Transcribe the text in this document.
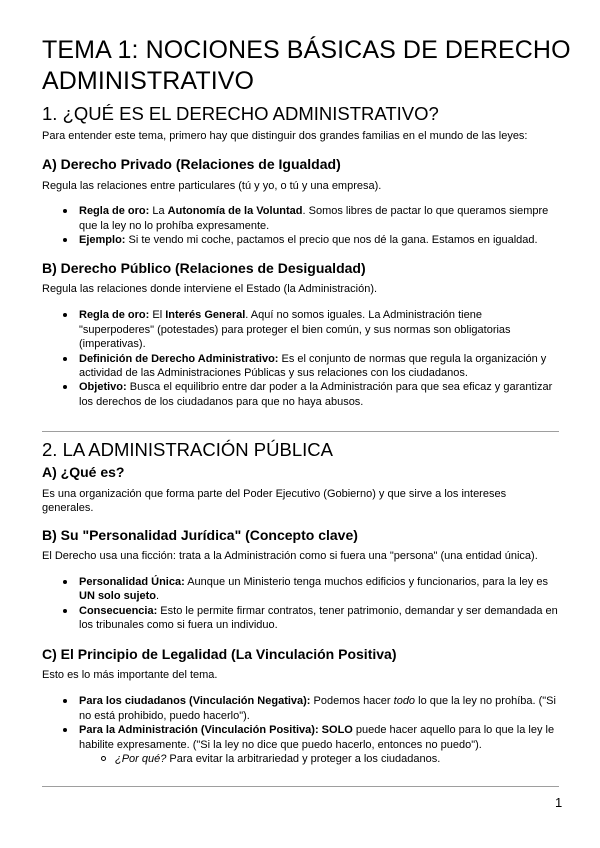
TEMA 1: NOCIONES BÁSICAS DE DERECHO
ADMINISTRATIVO
1. ¿QUÉ ES EL DERECHO ADMINISTRATIVO?
Para entender este tema, primero hay que distinguir dos grandes familias en el mundo de las leyes:
A) Derecho Privado (Relaciones de Igualdad)
Regula las relaciones entre particulares (tú y yo, o tú y una empresa).
Regla de oro: La Autonomía de la Voluntad. Somos libres de pactar lo que queramos siempre
que la ley no lo prohíba expresamente.
Ejemplo: Si te vendo mi coche, pactamos el precio que nos dé la gana. Estamos en igualdad.
B) Derecho Público (Relaciones de Desigualdad)
Regula las relaciones donde interviene el Estado (la Administración).
Regla de oro: El Interés General. Aquí no somos iguales. La Administración tiene
"superpoderes" (potestades) para proteger el bien común, y sus normas son obligatorias
(imperativas).
Definición de Derecho Administrativo: Es el conjunto de normas que regula la organización y
actividad de las Administraciones Públicas y sus relaciones con los ciudadanos.
Objetivo: Busca el equilibrio entre dar poder a la Administración para que sea eficaz y garantizar
los derechos de los ciudadanos para que no haya abusos.
2. LA ADMINISTRACIÓN PÚBLICA
A) ¿Qué es?
Es una organización que forma parte del Poder Ejecutivo (Gobierno) y que sirve a los intereses
generales.
B) Su "Personalidad Jurídica" (Concepto clave)
El Derecho usa una ficción: trata a la Administración como si fuera una "persona" (una entidad única).
Personalidad Única: Aunque un Ministerio tenga muchos edificios y funcionarios, para la ley es
UN solo sujeto.
Consecuencia: Esto le permite firmar contratos, tener patrimonio, demandar y ser demandada en
los tribunales como si fuera un individuo.
C) El Principio de Legalidad (La Vinculación Positiva)
Esto es lo más importante del tema.
Para los ciudadanos (Vinculación Negativa): Podemos hacer todo lo que la ley no prohíba. ("Si
no está prohibido, puedo hacerlo").
Para la Administración (Vinculación Positiva): SOLO puede hacer aquello para lo que la ley le
habilite expresamente. ("Si la ley no dice que puedo hacerlo, entonces no puedo").
¿Por qué? Para evitar la arbitrariedad y proteger a los ciudadanos.
1
